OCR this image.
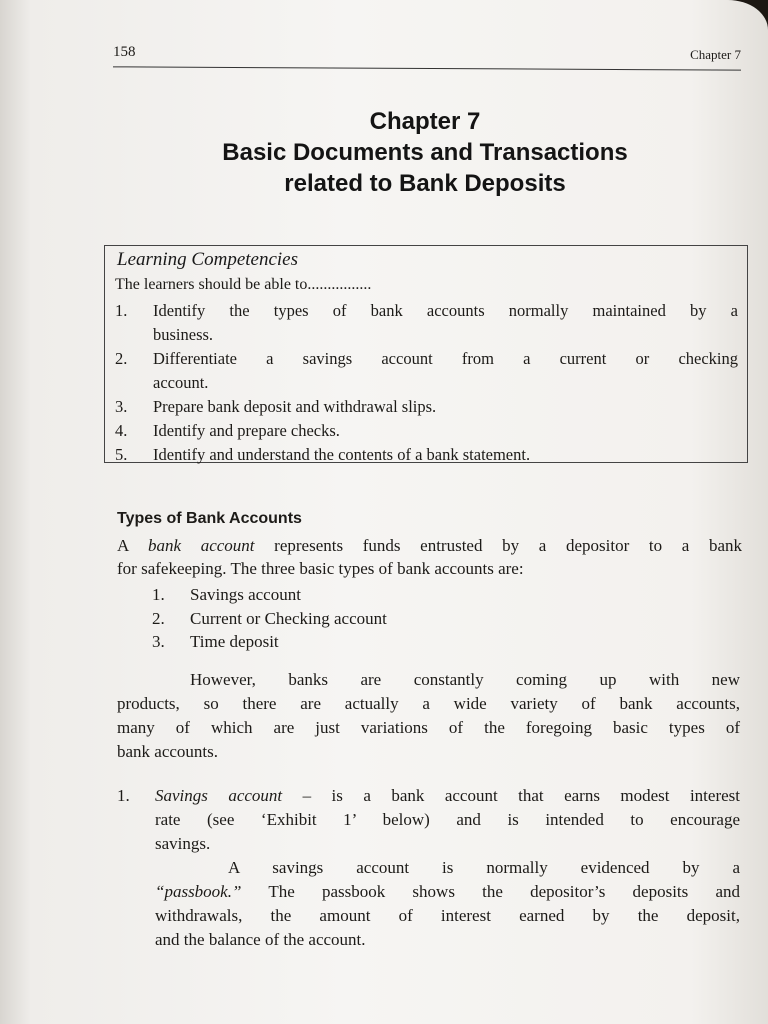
158	Chapter 7
Chapter 7
Basic Documents and Transactions
related to Bank Deposits
Learning Competencies
The learners should be able to................
1. Identify the types of bank accounts normally maintained by a
business.
2. Differentiate a savings account from a current or checking
account.
3. Prepare bank deposit and withdrawal slips.
4. Identify and prepare checks.
5. Identify and understand the contents of a bank statement.
Types of Bank Accounts
A bank account represents funds entrusted by a depositor to a bank
for safekeeping. The three basic types of bank accounts are:
1. Savings account
2. Current or Checking account
3. Time deposit
However, banks are constantly coming up with new
products, so there are actually a wide variety of bank accounts,
many of which are just variations of the foregoing basic types of
bank accounts.
1. Savings account – is a bank account that earns modest interest
rate (see ‘Exhibit 1’ below) and is intended to encourage
savings.
A savings account is normally evidenced by a
“passbook.” The passbook shows the depositor’s deposits and
withdrawals, the amount of interest earned by the deposit,
and the balance of the account.
